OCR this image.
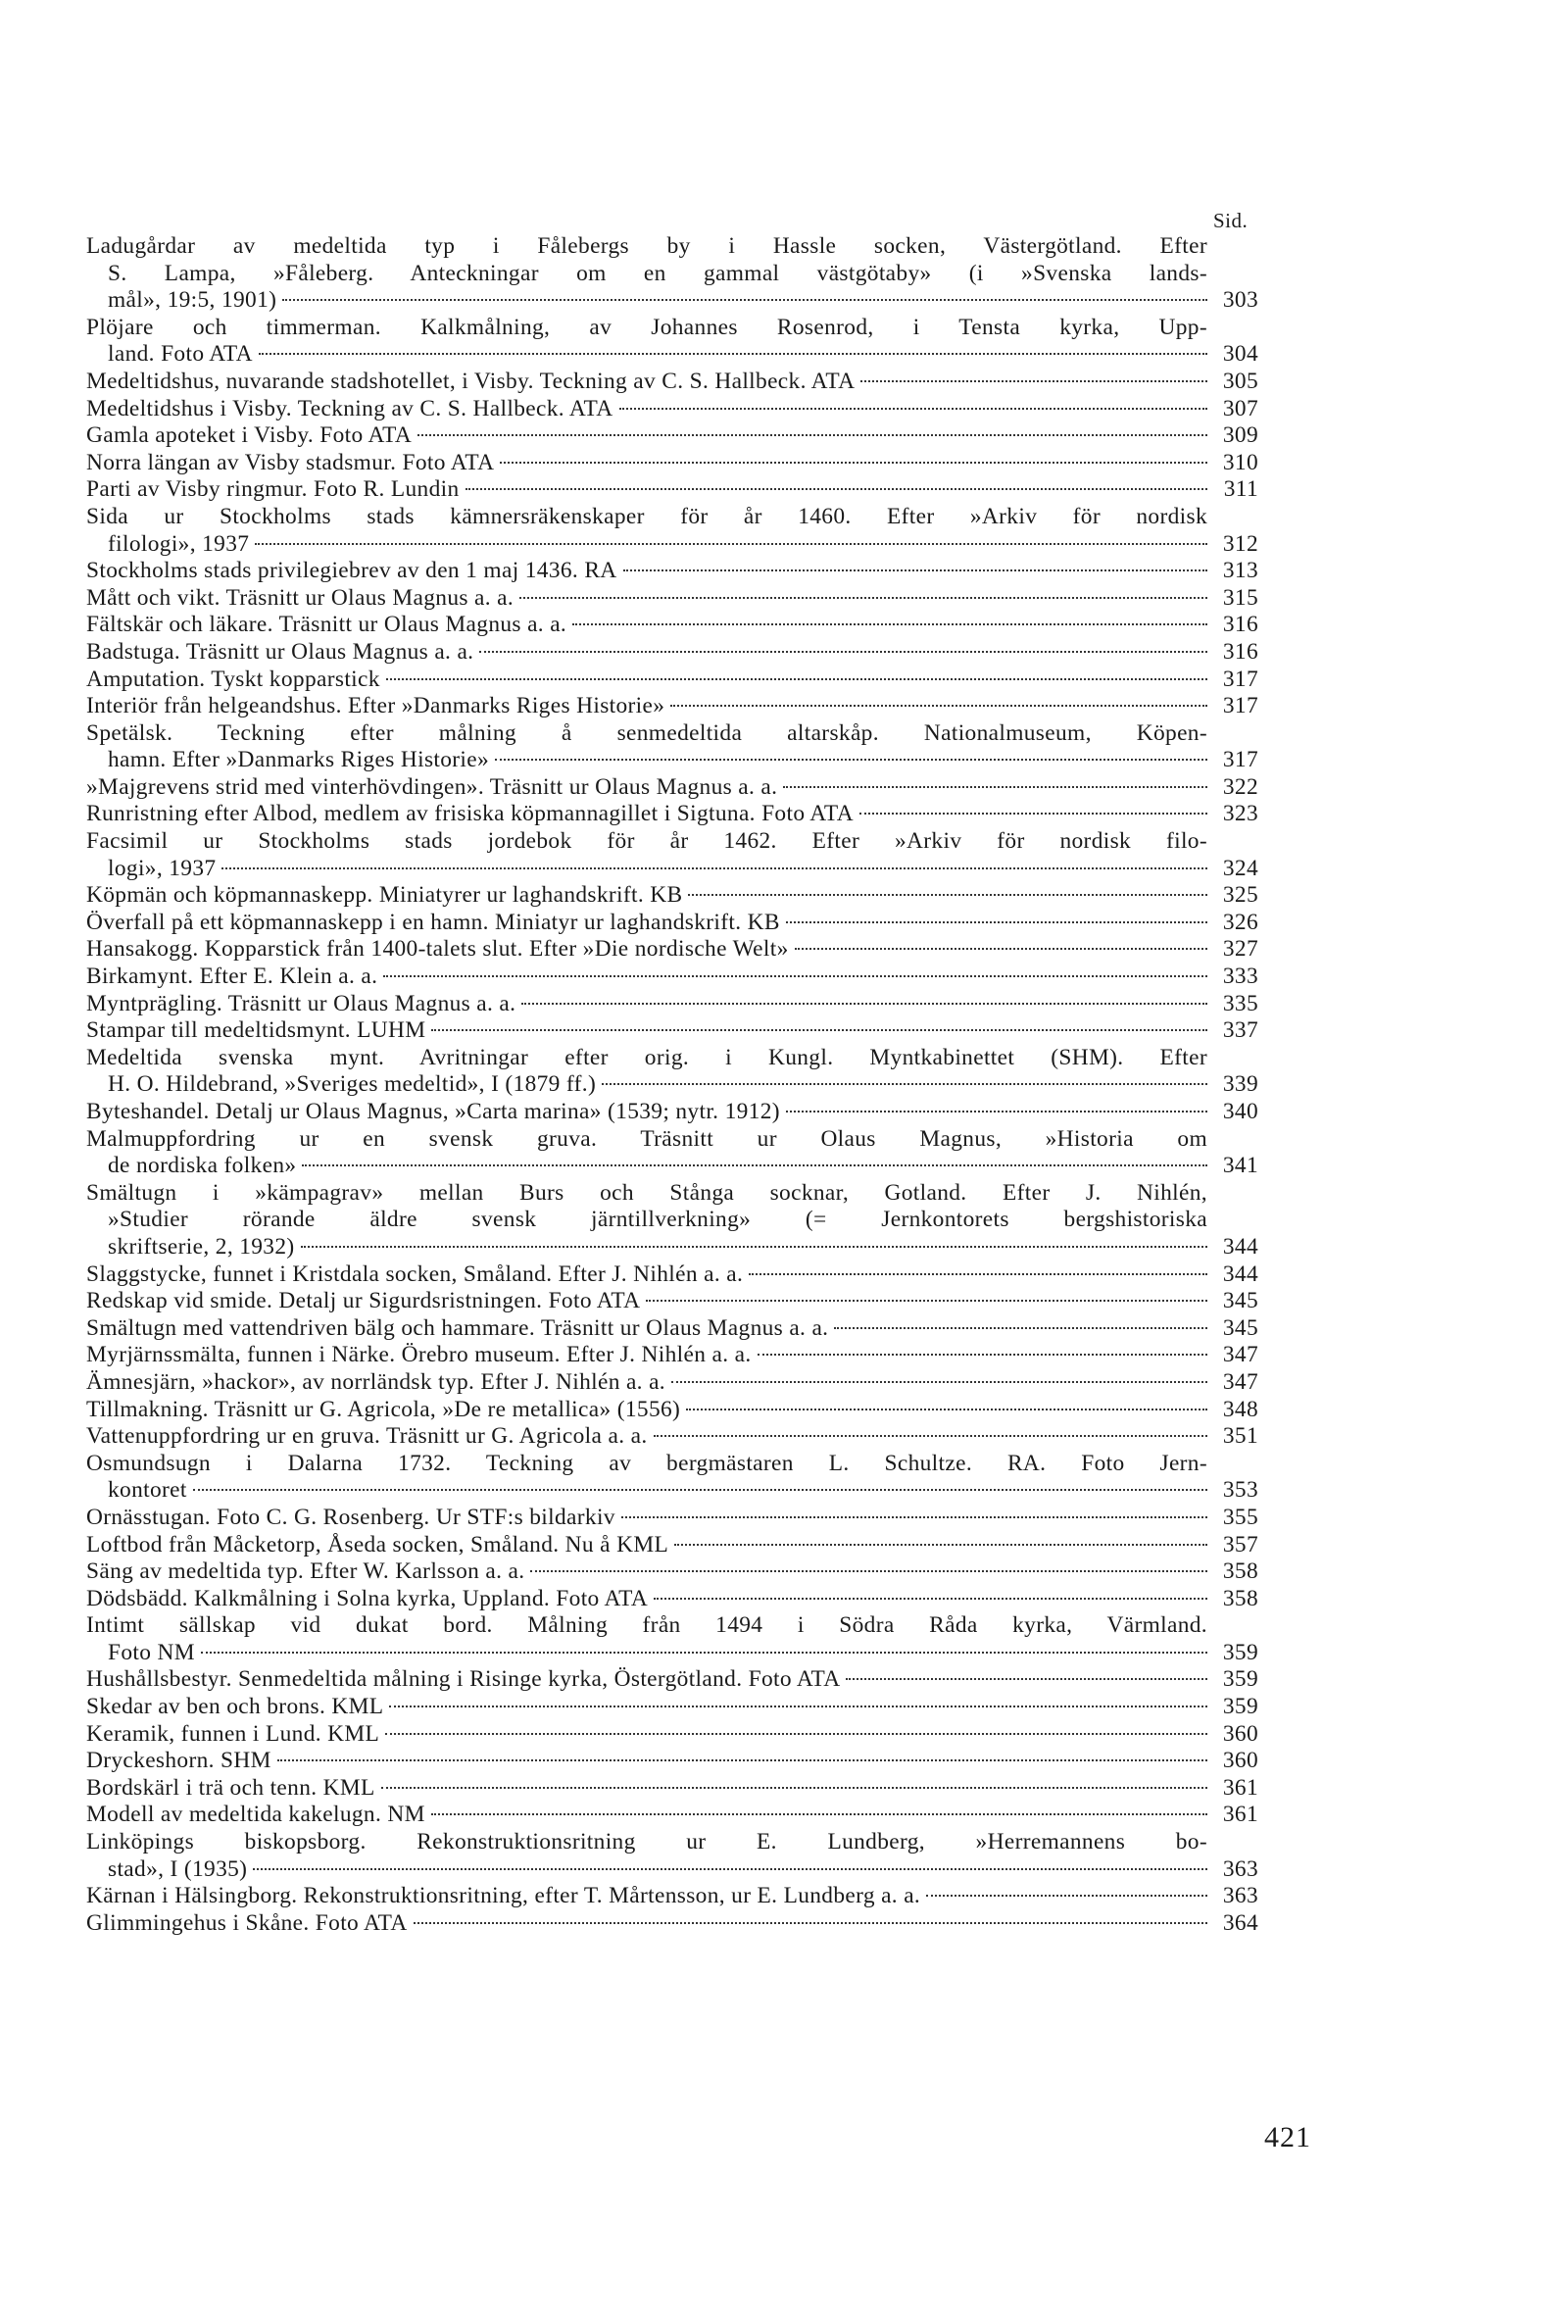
Sid.
Ladugårdar av medeltida typ i Fålebergs by i Hassle socken, Västergötland. Efter
S. Lampa, »Fåleberg. Anteckningar om en gammal västgötaby» (i »Svenska lands-
mål», 19:5, 1901)	303
Plöjare och timmerman. Kalkmålning, av Johannes Rosenrod, i Tensta kyrka, Upp-
land. Foto ATA	304
Medeltidshus, nuvarande stadshotellet, i Visby. Teckning av C. S. Hallbeck. ATA	305
Medeltidshus i Visby. Teckning av C. S. Hallbeck. ATA	307
Gamla apoteket i Visby. Foto ATA	309
Norra längan av Visby stadsmur. Foto ATA	310
Parti av Visby ringmur. Foto R. Lundin	311
Sida ur Stockholms stads kämnersräkenskaper för år 1460. Efter »Arkiv för nordisk
filologi», 1937	312
Stockholms stads privilegiebrev av den 1 maj 1436. RA	313
Mått och vikt. Träsnitt ur Olaus Magnus a. a.	315
Fältskär och läkare. Träsnitt ur Olaus Magnus a. a.	316
Badstuga. Träsnitt ur Olaus Magnus a. a.	316
Amputation. Tyskt kopparstick	317
Interiör från helgeandshus. Efter »Danmarks Riges Historie»	317
Spetälsk. Teckning efter målning å senmedeltida altarskåp. Nationalmuseum, Köpen-
hamn. Efter »Danmarks Riges Historie»	317
»Majgrevens strid med vinterhövdingen». Träsnitt ur Olaus Magnus a. a.	322
Runristning efter Albod, medlem av frisiska köpmannagillet i Sigtuna. Foto ATA	323
Facsimil ur Stockholms stads jordebok för år 1462. Efter »Arkiv för nordisk filo-
logi», 1937	324
Köpmän och köpmannaskepp. Miniatyrer ur laghandskrift. KB	325
Överfall på ett köpmannaskepp i en hamn. Miniatyr ur laghandskrift. KB	326
Hansakogg. Kopparstick från 1400-talets slut. Efter »Die nordische Welt»	327
Birkamynt. Efter E. Klein a. a.	333
Myntprägling. Träsnitt ur Olaus Magnus a. a.	335
Stampar till medeltidsmynt. LUHM	337
Medeltida svenska mynt. Avritningar efter orig. i Kungl. Myntkabinettet (SHM). Efter
H. O. Hildebrand, »Sveriges medeltid», I (1879 ff.)	339
Byteshandel. Detalj ur Olaus Magnus, »Carta marina» (1539; nytr. 1912)	340
Malmuppfordring ur en svensk gruva. Träsnitt ur Olaus Magnus, »Historia om
de nordiska folken»	341
Smältugn i »kämpagrav» mellan Burs och Stånga socknar, Gotland. Efter J. Nihlén,
»Studier rörande äldre svensk järntillverkning» (= Jernkontorets bergshistoriska
skriftserie, 2, 1932)	344
Slaggstycke, funnet i Kristdala socken, Småland. Efter J. Nihlén a. a.	344
Redskap vid smide. Detalj ur Sigurdsristningen. Foto ATA	345
Smältugn med vattendriven bälg och hammare. Träsnitt ur Olaus Magnus a. a.	345
Myrjärnssmälta, funnen i Närke. Örebro museum. Efter J. Nihlén a. a.	347
Ämnesjärn, »hackor», av norrländsk typ. Efter J. Nihlén a. a.	347
Tillmakning. Träsnitt ur G. Agricola, »De re metallica» (1556)	348
Vattenuppfordring ur en gruva. Träsnitt ur G. Agricola a. a.	351
Osmundsugn i Dalarna 1732. Teckning av bergmästaren L. Schultze. RA. Foto Jern-
kontoret	353
Ornässtugan. Foto C. G. Rosenberg. Ur STF:s bildarkiv	355
Loftbod från Måcketorp, Åseda socken, Småland. Nu å KML	357
Säng av medeltida typ. Efter W. Karlsson a. a.	358
Dödsbädd. Kalkmålning i Solna kyrka, Uppland. Foto ATA	358
Intimt sällskap vid dukat bord. Målning från 1494 i Södra Råda kyrka, Värmland.
Foto NM	359
Hushållsbestyr. Senmedeltida målning i Risinge kyrka, Östergötland. Foto ATA	359
Skedar av ben och brons. KML	359
Keramik, funnen i Lund. KML	360
Dryckeshorn. SHM	360
Bordskärl i trä och tenn. KML	361
Modell av medeltida kakelugn. NM	361
Linköpings biskopsborg. Rekonstruktionsritning ur E. Lundberg, »Herremannens bo-
stad», I (1935)	363
Kärnan i Hälsingborg. Rekonstruktionsritning, efter T. Mårtensson, ur E. Lundberg a. a.	363
Glimmingehus i Skåne. Foto ATA	364
421
